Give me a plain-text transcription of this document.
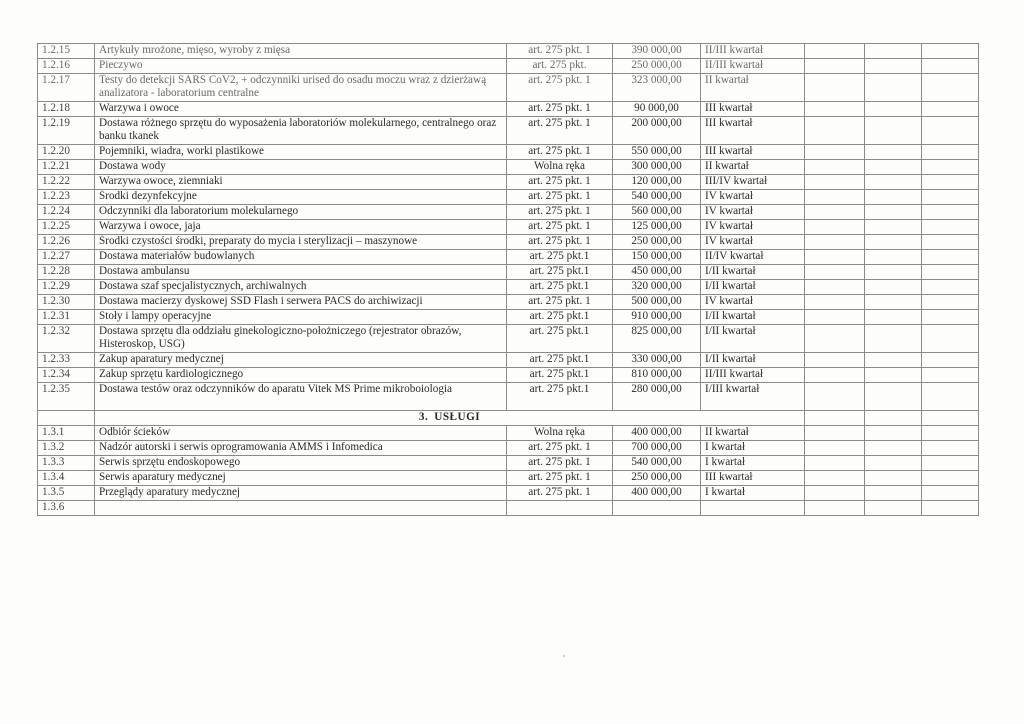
1.2.15	Artykuły mrożone, mięso, wyroby z mięsa	art. 275 pkt. 1	390 000,00	II/III kwartał			
1.2.16	Pieczywo	art. 275 pkt.	250 000,00	II/III kwartał			
1.2.17	Testy do detekcji SARS CoV2, + odczynniki urised do osadu moczu wraz z dzierżawą analizatora - laboratorium centralne	art. 275 pkt. 1	323 000,00	II kwartał			
1.2.18	Warzywa i owoce	art. 275 pkt. 1	90 000,00	III kwartał			
1.2.19	Dostawa różnego sprzętu do wyposażenia laboratoriów molekularnego, centralnego oraz banku tkanek	art. 275 pkt. 1	200 000,00	III kwartał			
1.2.20	Pojemniki, wiadra, worki plastikowe	art. 275 pkt. 1	550 000,00	III kwartał			
1.2.21	Dostawa wody	Wolna ręka	300 000,00	II kwartał			
1.2.22	Warzywa owoce, ziemniaki	art. 275 pkt. 1	120 000,00	III/IV kwartał			
1.2.23	Środki dezynfekcyjne	art. 275 pkt. 1	540 000,00	IV kwartał			
1.2.24	Odczynniki dla laboratorium molekularnego	art. 275 pkt. 1	560 000,00	IV kwartał			
1.2.25	Warzywa i owoce, jaja	art. 275 pkt. 1	125 000,00	IV kwartał			
1.2.26	Środki czystości środki, preparaty do mycia i sterylizacji – maszynowe	art. 275 pkt. 1	250 000,00	IV kwartał			
1.2.27	Dostawa materiałów budowlanych	art. 275 pkt.1	150 000,00	II/IV kwartał			
1.2.28	Dostawa ambulansu	art. 275 pkt.1	450 000,00	I/II kwartał			
1.2.29	Dostawa szaf specjalistycznych, archiwalnych	art. 275 pkt.1	320 000,00	I/II kwartał			
1.2.30	Dostawa macierzy dyskowej SSD Flash i serwera PACS do archiwizacji	art. 275 pkt. 1	500 000,00	IV kwartał			
1.2.31	Stoły i lampy operacyjne	art. 275 pkt.1	910 000,00	I/II kwartał			
1.2.32	Dostawa sprzętu dla oddziału ginekologiczno-położniczego (rejestrator obrazów, Histeroskop, USG)	art. 275 pkt.1	825 000,00	I/II kwartał			
1.2.33	Zakup aparatury medycznej	art. 275 pkt.1	330 000,00	I/II kwartał			
1.2.34	Zakup sprzętu kardiologicznego	art. 275 pkt.1	810 000,00	II/III kwartał			
1.2.35	Dostawa testów oraz odczynników do aparatu Vitek MS Prime mikroboiologia	art. 275 pkt.1	280 000,00	I/III kwartał			
	3. USŁUGI						
1.3.1	Odbiór ścieków	Wolna ręka	400 000,00	II kwartał			
1.3.2	Nadzór autorski i serwis oprogramowania AMMS i Infomedica	art. 275 pkt. 1	700 000,00	I kwartał			
1.3.3	Serwis sprzętu endoskopowego	art. 275 pkt. 1	540 000,00	I kwartał			
1.3.4	Serwis aparatury medycznej	art. 275 pkt. 1	250 000,00	III kwartał			
1.3.5	Przeglądy aparatury medycznej	art. 275 pkt. 1	400 000,00	I kwartał			
1.3.6							
